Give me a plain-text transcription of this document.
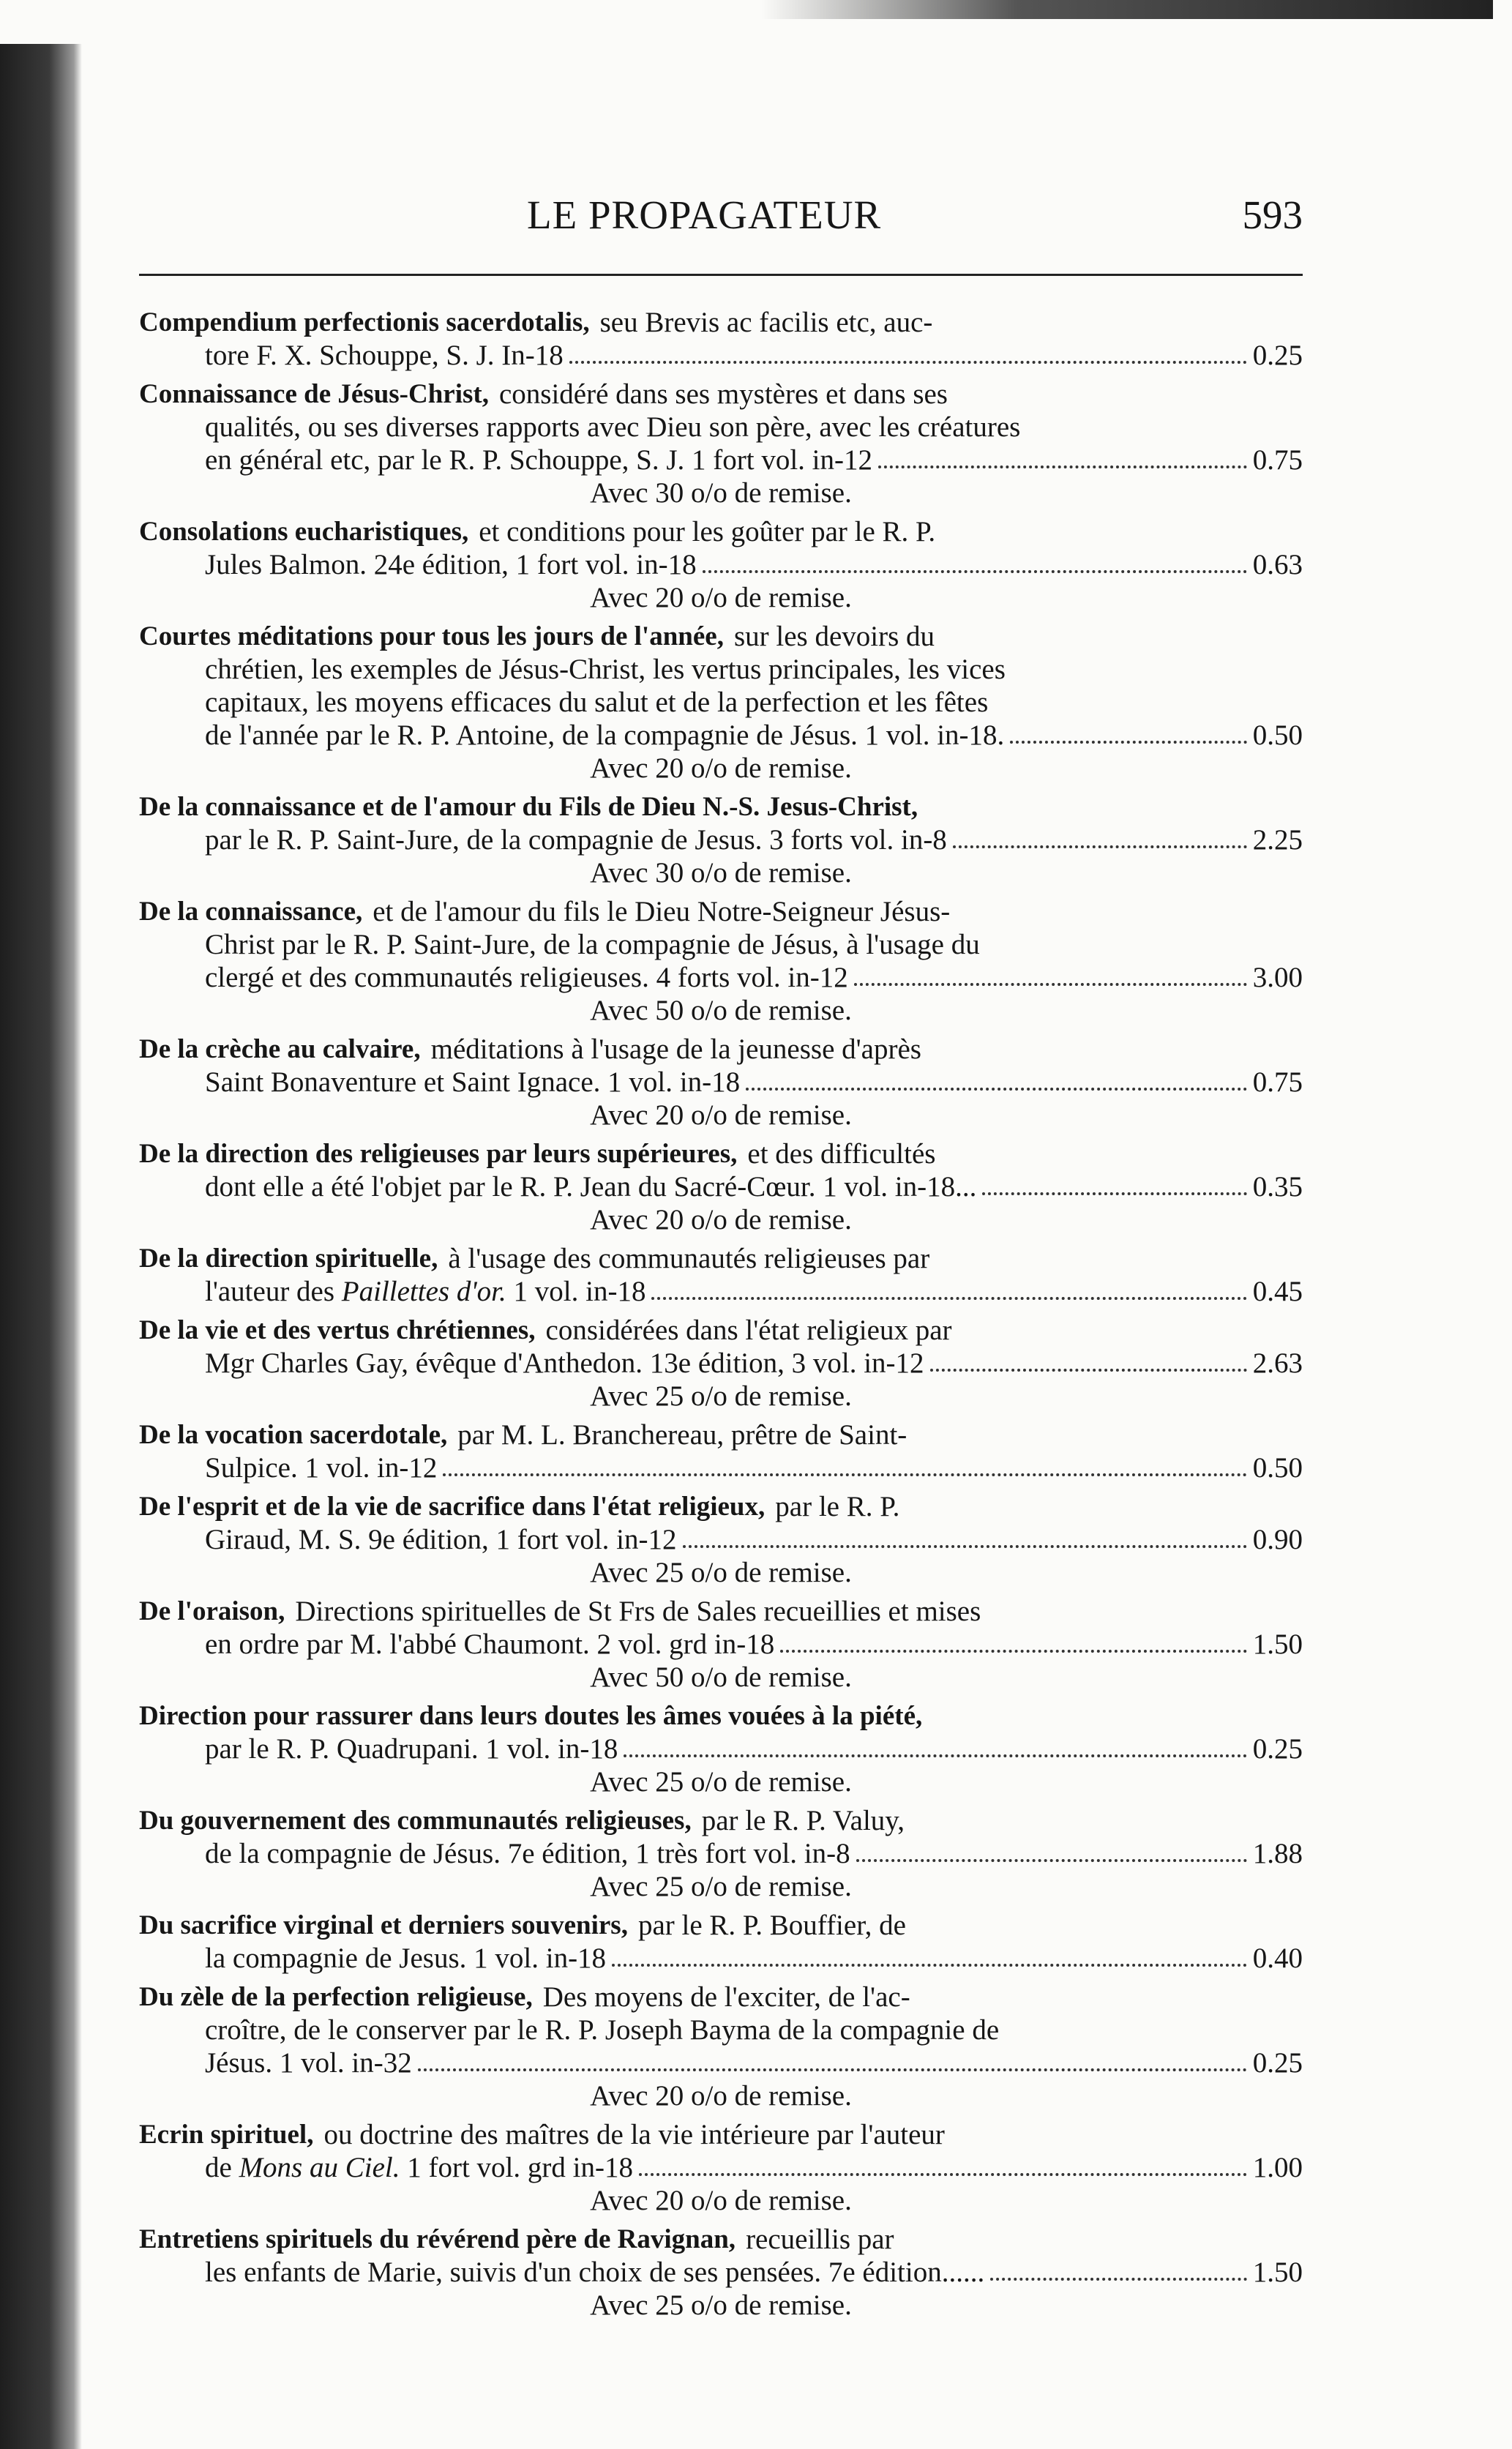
LE PROPAGATEUR	593
Compendium perfectionis sacerdotalis, seu Brevis ac facilis etc, auc-
tore F. X. Schouppe, S. J. In-18	0.25
Connaissance de Jésus-Christ, considéré dans ses mystères et dans ses
qualités, ou ses diverses rapports avec Dieu son père, avec les créatures
en général etc, par le R. P. Schouppe, S. J. 1 fort vol. in-12	0.75
Avec 30 o/o de remise.
Consolations eucharistiques, et conditions pour les goûter par le R. P.
Jules Balmon. 24e édition, 1 fort vol. in-18	0.63
Avec 20 o/o de remise.
Courtes méditations pour tous les jours de l'année, sur les devoirs du
chrétien, les exemples de Jésus-Christ, les vertus principales, les vices
capitaux, les moyens efficaces du salut et de la perfection et les fêtes
de l'année par le R. P. Antoine, de la compagnie de Jésus. 1 vol. in-18.	0.50
Avec 20 o/o de remise.
De la connaissance et de l'amour du Fils de Dieu N.-S. Jesus-Christ,
par le R. P. Saint-Jure, de la compagnie de Jesus. 3 forts vol. in-8	2.25
Avec 30 o/o de remise.
De la connaissance, et de l'amour du fils le Dieu Notre-Seigneur Jésus-
Christ par le R. P. Saint-Jure, de la compagnie de Jésus, à l'usage du
clergé et des communautés religieuses. 4 forts vol. in-12	3.00
Avec 50 o/o de remise.
De la crèche au calvaire, méditations à l'usage de la jeunesse d'après
Saint Bonaventure et Saint Ignace. 1 vol. in-18	0.75
Avec 20 o/o de remise.
De la direction des religieuses par leurs supérieures, et des difficultés
dont elle a été l'objet par le R. P. Jean du Sacré-Cœur. 1 vol. in-18...	0.35
Avec 20 o/o de remise.
De la direction spirituelle, à l'usage des communautés religieuses par
l'auteur des Paillettes d'or. 1 vol. in-18	0.45
De la vie et des vertus chrétiennes, considérées dans l'état religieux par
Mgr Charles Gay, évêque d'Anthedon. 13e édition, 3 vol. in-12	2.63
Avec 25 o/o de remise.
De la vocation sacerdotale, par M. L. Branchereau, prêtre de Saint-
Sulpice. 1 vol. in-12	0.50
De l'esprit et de la vie de sacrifice dans l'état religieux, par le R. P.
Giraud, M. S. 9e édition, 1 fort vol. in-12	0.90
Avec 25 o/o de remise.
De l'oraison, Directions spirituelles de St Frs de Sales recueillies et mises
en ordre par M. l'abbé Chaumont. 2 vol. grd in-18	1.50
Avec 50 o/o de remise.
Direction pour rassurer dans leurs doutes les âmes vouées à la piété,
par le R. P. Quadrupani. 1 vol. in-18	0.25
Avec 25 o/o de remise.
Du gouvernement des communautés religieuses, par le R. P. Valuy,
de la compagnie de Jésus. 7e édition, 1 très fort vol. in-8	1.88
Avec 25 o/o de remise.
Du sacrifice virginal et derniers souvenirs, par le R. P. Bouffier, de
la compagnie de Jesus. 1 vol. in-18	0.40
Du zèle de la perfection religieuse, Des moyens de l'exciter, de l'ac-
croître, de le conserver par le R. P. Joseph Bayma de la compagnie de
Jésus. 1 vol. in-32	0.25
Avec 20 o/o de remise.
Ecrin spirituel, ou doctrine des maîtres de la vie intérieure par l'auteur
de Mons au Ciel. 1 fort vol. grd in-18	1.00
Avec 20 o/o de remise.
Entretiens spirituels du révérend père de Ravignan, recueillis par
les enfants de Marie, suivis d'un choix de ses pensées. 7e édition......	1.50
Avec 25 o/o de remise.
